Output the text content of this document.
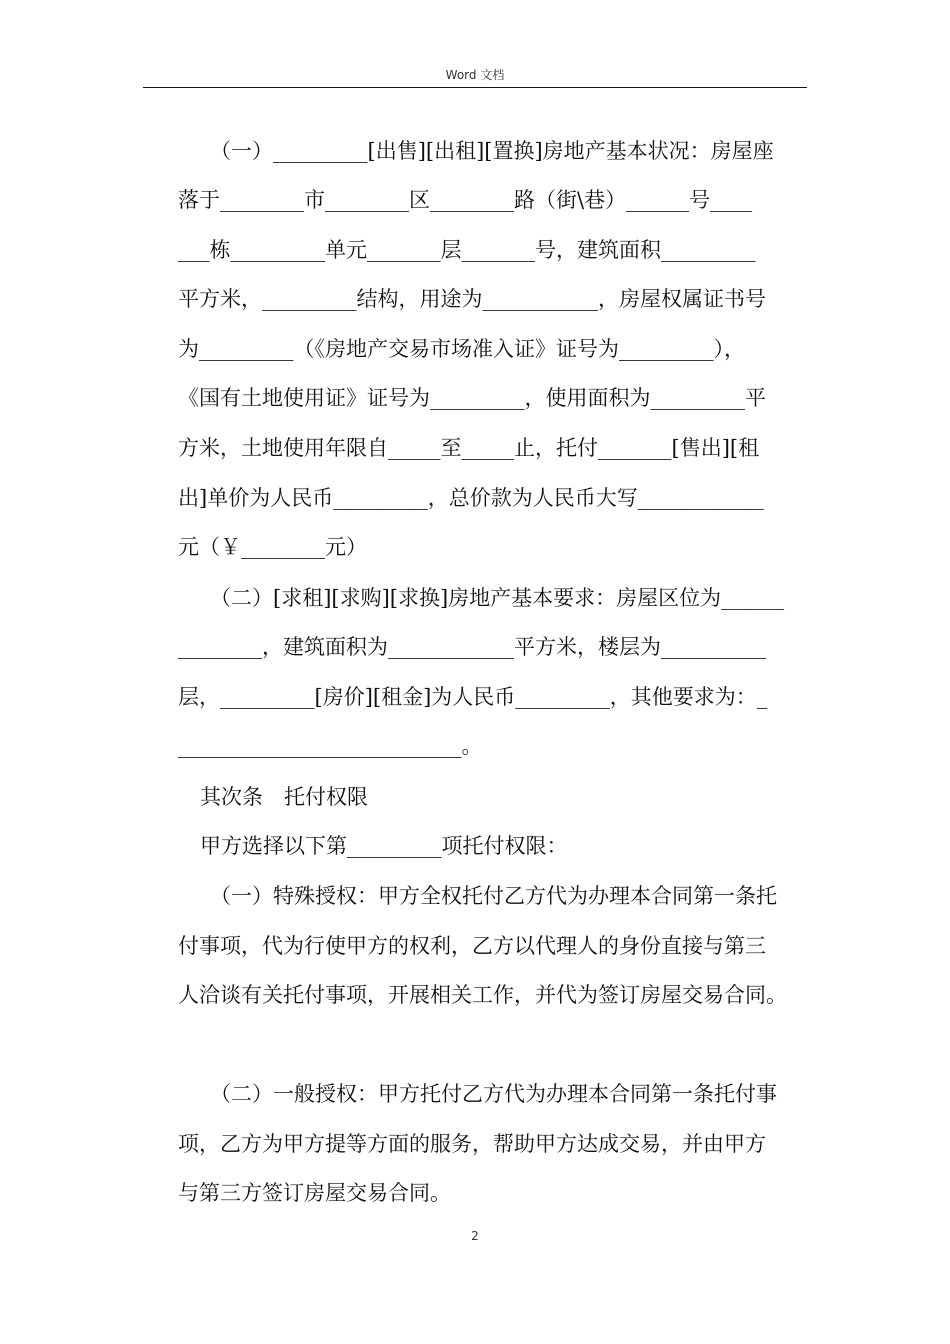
Word 文档
（一）_________[出售][出租][置换]房地产基本状况：房屋座
落于________市________区________路（街\巷）______号____
___栋_________单元_______层_______号，建筑面积_________
平方米，_________结构，用途为___________，房屋权属证书号
为_________（《房地产交易市场准入证》证号为_________），
《国有土地使用证》证号为_________，使用面积为_________平
方米，土地使用年限自_____至_____止，托付_______[售出][租
出]单价为人民币_________，总价款为人民币大写____________
元（￥________元）
（二）[求租][求购][求换]房地产基本要求：房屋区位为______
________，建筑面积为____________平方米，楼层为__________
层，_________[房价][租金]为人民币_________，其他要求为：_
___________________________。
其次条　托付权限
甲方选择以下第_________项托付权限：
（一）特殊授权：甲方全权托付乙方代为办理本合同第一条托
付事项，代为行使甲方的权利，乙方以代理人的身份直接与第三
人洽谈有关托付事项，开展相关工作，并代为签订房屋交易合同。
（二）一般授权：甲方托付乙方代为办理本合同第一条托付事
项，乙方为甲方提等方面的服务，帮助甲方达成交易，并由甲方
与第三方签订房屋交易合同。
2
